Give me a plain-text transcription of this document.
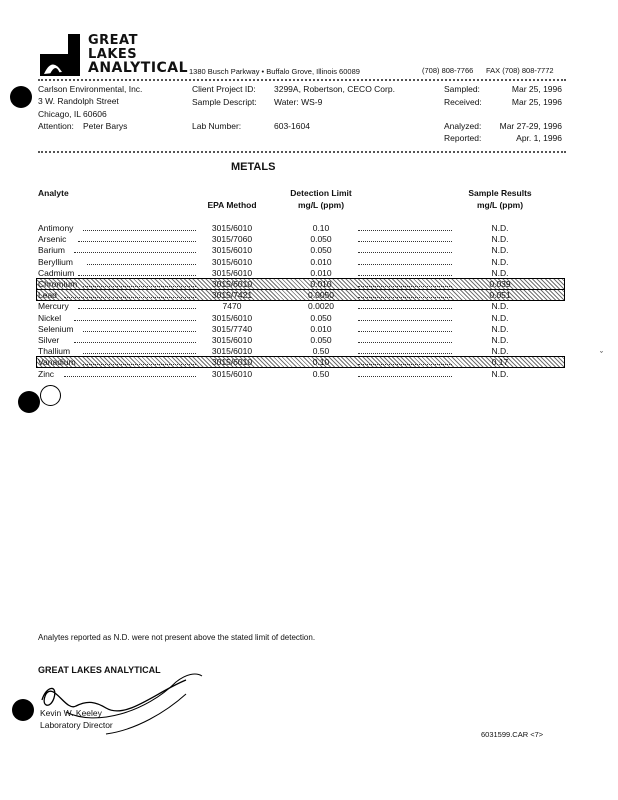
GREAT
LAKES
ANALYTICAL 1380 Busch Parkway • Buffalo Grove, Illinois 60089	(708) 808-7766 FAX (708) 808-7772
Carlson Environmental, Inc.
3 W. Randolph Street
Chicago, IL 60606
Attention: Peter Barys
Client Project ID: 3299A, Robertson, CECO Corp.
Sample Descript: Water: WS-9
Lab Number:	603-1604
Sampled:	Mar 25, 1996
Received:	Mar 25, 1996
Analyzed:	Mar 27-29, 1996
Reported:	Apr. 1, 1996
METALS
Analyte
EPA Method
Detection Limit
mg/L (ppm)
Sample Results
mg/L (ppm)
Antimony	3015/6010	0.10	N.D.
Arsenic	3015/7060	0.050	N.D.
Barium	3015/6010	0.050	N.D.
Beryllium	3015/6010	0.010	N.D.
Cadmium	3015/6010	0.010	N.D.
Chromium	3015/6010	0.010	0.039
Lead	3015/7421	0.0050	0.051
Mercury	7470	0.0020	N.D.
Nickel	3015/6010	0.050	N.D.
Selenium	3015/7740	0.010	N.D.
Silver	3015/6010	0.050	N.D.
Thallium	3015/6010	0.50	N.D.
Vanadium	3015/6010	0.10	0.17
Zinc	3015/6010	0.50	N.D.
ˇ
Analytes reported as N.D. were not present above the stated limit of detection.
GREAT LAKES ANALYTICAL
Kevin W. Keeley
Laboratory Director
6031599.CAR <7>
